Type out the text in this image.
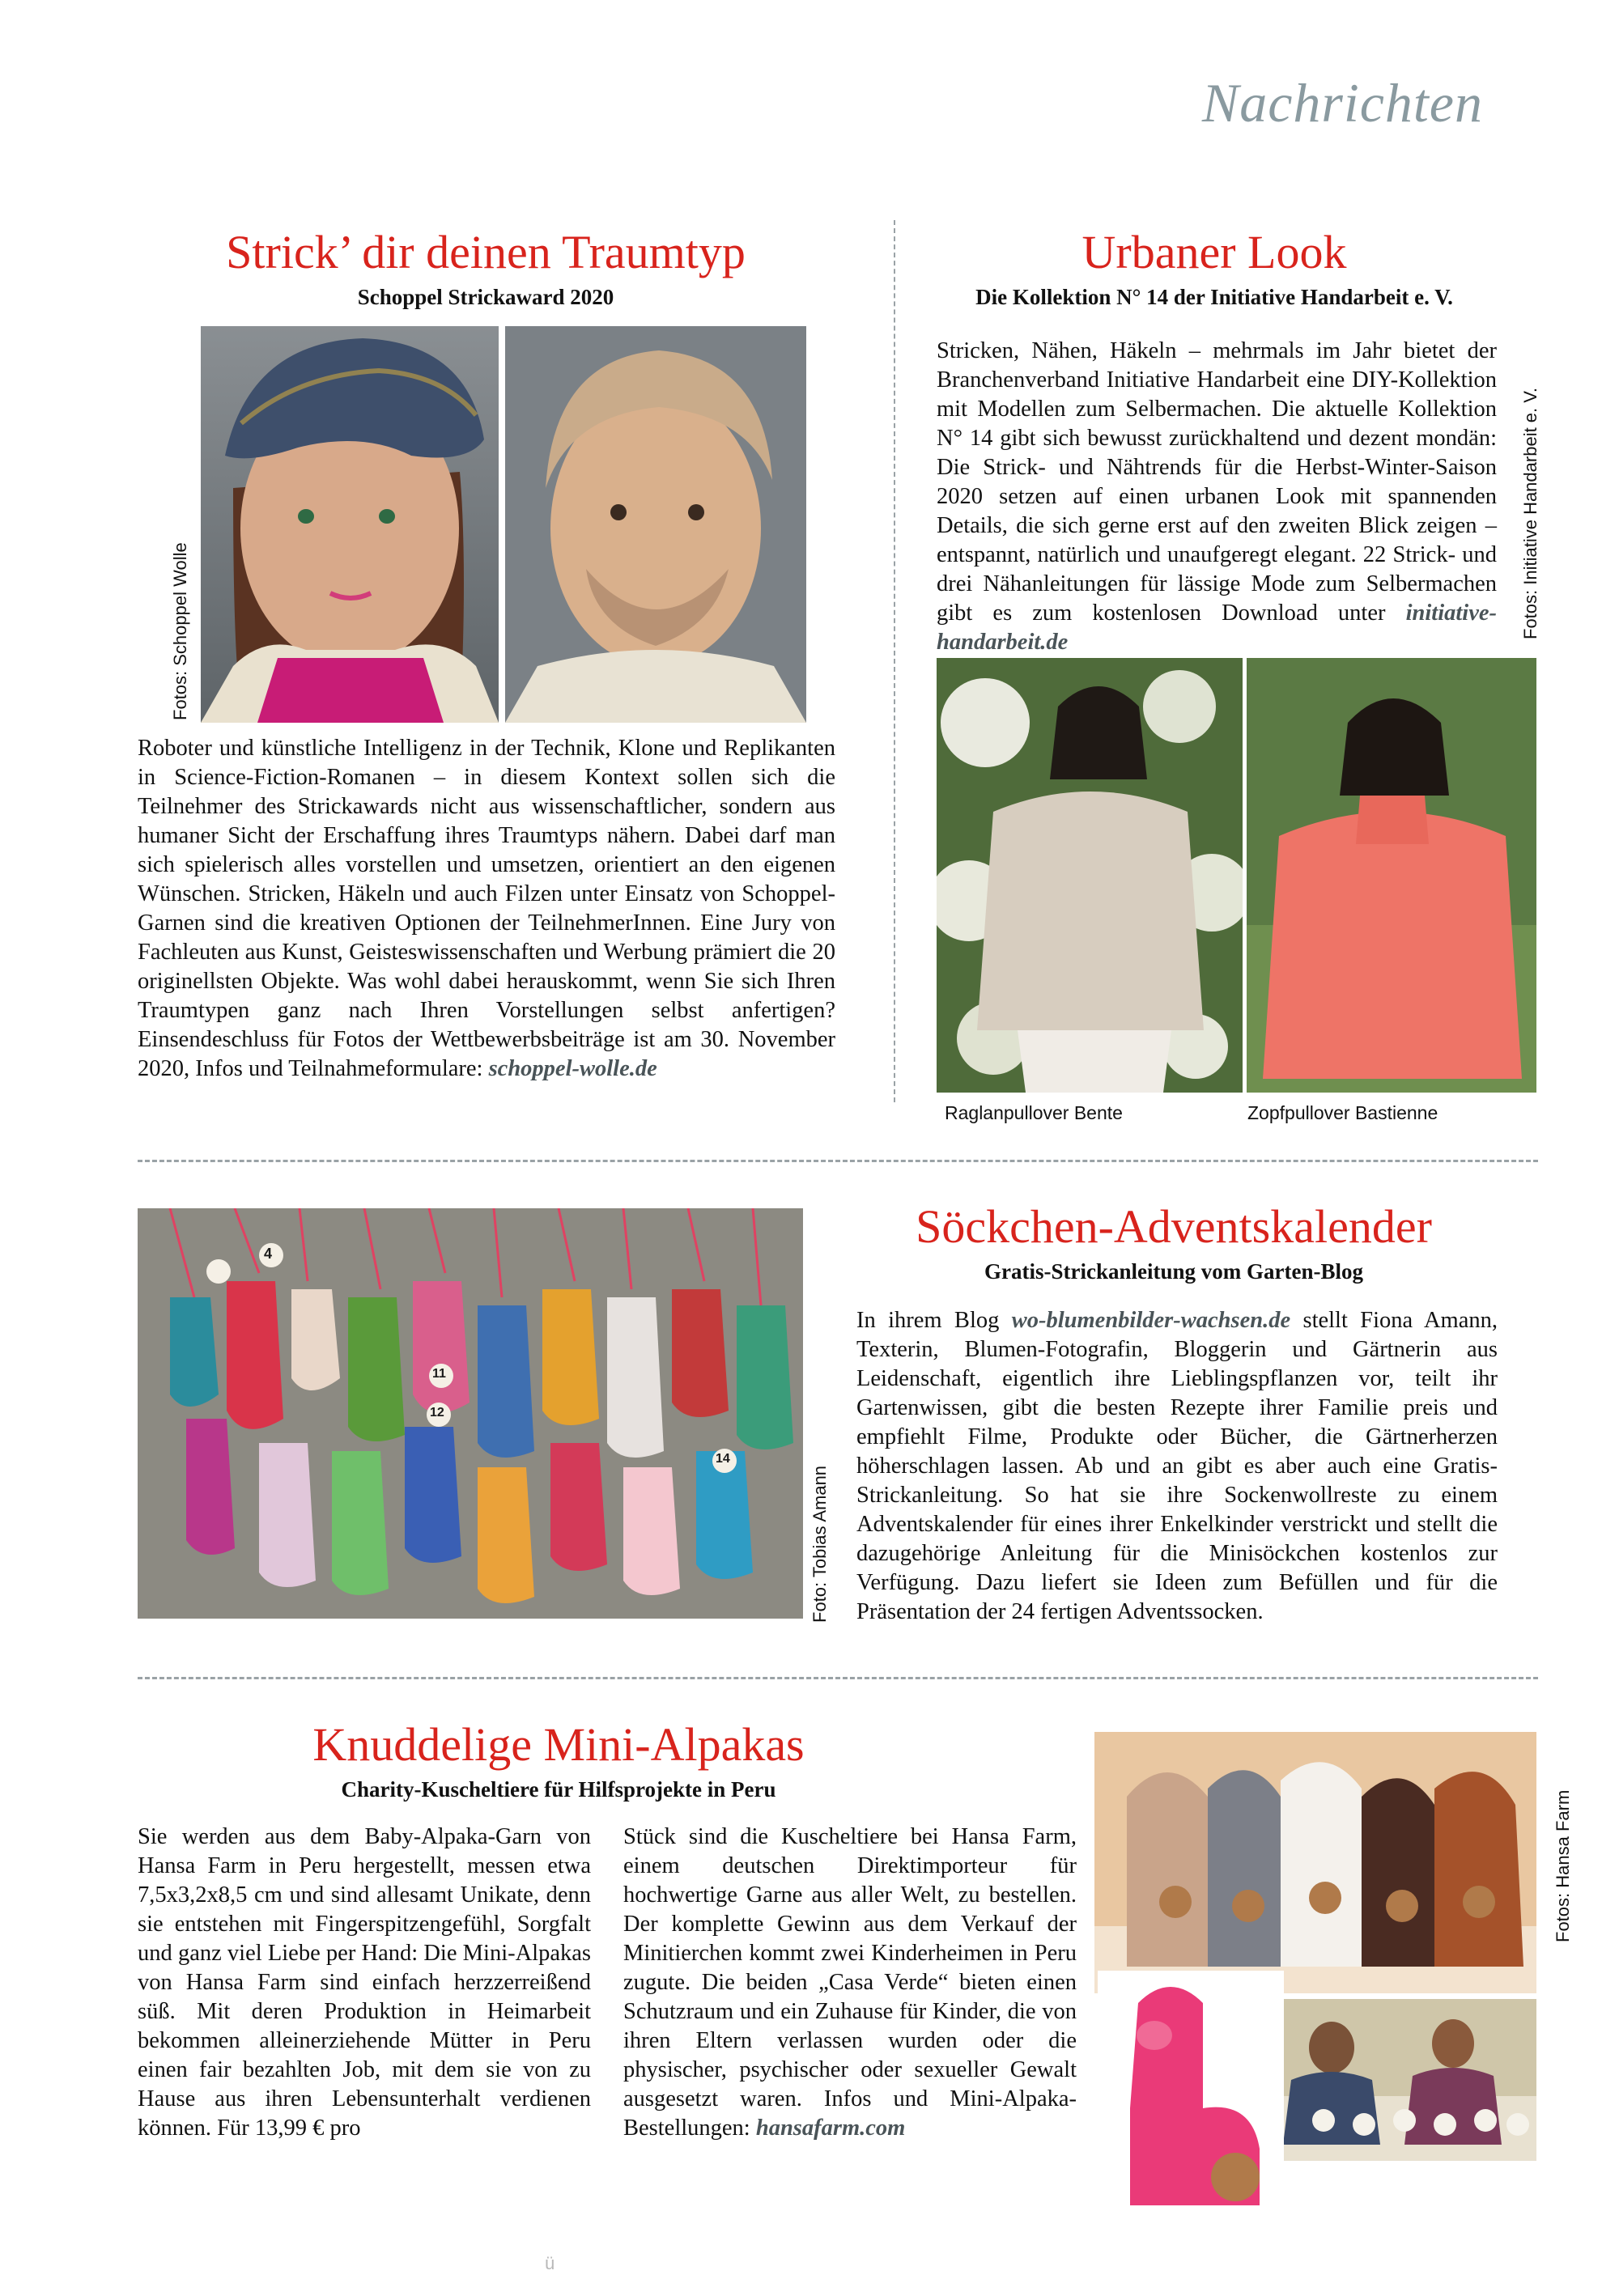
Nachrichten
Strick’ dir deinen Traumtyp
Schoppel Strickaward 2020
Fotos: Schoppel Wolle
Roboter und künstliche Intelligenz in der Technik, Klone und Replikanten in Science-Fiction-Romanen – in diesem Kontext sollen sich die Teilnehmer des Strickawards nicht aus wissenschaftlicher, sondern aus humaner Sicht der Erschaffung ihres Traumtyps nähern. Dabei darf man sich spielerisch alles vorstellen und umsetzen, orientiert an den eigenen Wünschen. Stricken, Häkeln und auch Filzen unter Einsatz von Schoppel-Garnen sind die kreativen Optionen der TeilnehmerInnen. Eine Jury von Fachleuten aus Kunst, Geisteswissenschaften und Werbung prämiert die 20 originellsten Objekte. Was wohl dabei herauskommt, wenn Sie sich Ihren Traumtypen ganz nach Ihren Vorstellungen selbst anfertigen? Einsendeschluss für Fotos der Wettbewerbsbeiträge ist am 30. November 2020, Infos und Teilnahmeformulare: schoppel-wolle.de
Urbaner Look
Die Kollektion N° 14 der Initiative Handarbeit e. V.
Stricken, Nähen, Häkeln – mehrmals im Jahr bietet der Branchenverband Initiative Handarbeit eine DIY-Kollektion mit Modellen zum Selbermachen. Die aktuelle Kollektion N° 14 gibt sich bewusst zurückhaltend und dezent mondän: Die Strick- und Nähtrends für die Herbst-Winter-Saison 2020 setzen auf einen urbanen Look mit spannenden Details, die sich gerne erst auf den zweiten Blick zeigen – entspannt, natürlich und unaufgeregt elegant. 22 Strick- und drei Nähanleitungen für lässige Mode zum Selbermachen gibt es zum kostenlosen Download unter initiative-handarbeit.de
Fotos: Initiative Handarbeit e. V.
Raglanpullover Bente	Zopfpullover Bastienne
4
12
11
14
Foto: Tobias Amann
Söckchen-Adventskalender
Gratis-Strickanleitung vom Garten-Blog
In ihrem Blog wo-blumenbilder-wachsen.de stellt Fiona Amann, Texterin, Blumen-Fotografin, Bloggerin und Gärtnerin aus Leidenschaft, eigentlich ihre Lieblingspflanzen vor, teilt ihr Gartenwissen, gibt die besten Rezepte ihrer Familie preis und empfiehlt Filme, Produkte oder Bücher, die Gärtnerherzen höherschlagen lassen. Ab und an gibt es aber auch eine Gratis-Strickanleitung. So hat sie ihre Sockenwollreste zu einem Adventskalender für eines ihrer Enkelkinder verstrickt und stellt die dazugehörige Anleitung für die Minisöckchen kostenlos zur Verfügung. Dazu liefert sie Ideen zum Befüllen und für die Präsentation der 24 fertigen Adventssocken.
Knuddelige Mini-Alpakas
Charity-Kuscheltiere für Hilfsprojekte in Peru
Sie werden aus dem Baby-Alpaka-Garn von Hansa Farm in Peru hergestellt, messen etwa 7,5x3,2x8,5 cm und sind allesamt Unikate, denn sie entstehen mit Fingerspitzengefühl, Sorgfalt und ganz viel Liebe per Hand: Die Mini-Alpakas von Hansa Farm sind einfach herzzerreißend süß. Mit deren Produktion in Heimarbeit bekommen alleinerziehende Mütter in Peru einen fair bezahlten Job, mit dem sie von zu Hause aus ihren Lebensunterhalt verdienen können. Für 13,99 € pro
Stück sind die Kuscheltiere bei Hansa Farm, einem deutschen Direktimporteur für hochwertige Garne aus aller Welt, zu bestellen. Der komplette Gewinn aus dem Verkauf der Minitierchen kommt zwei Kinderheimen in Peru zugute. Die beiden „Casa Verde“ bieten einen Schutzraum und ein Zuhause für Kinder, die von ihren Eltern verlassen wurden oder die physischer, psychischer oder sexueller Gewalt ausgesetzt waren. Infos und Mini-Alpaka-Bestellungen: hansafarm.com
Fotos: Hansa Farm
ü
